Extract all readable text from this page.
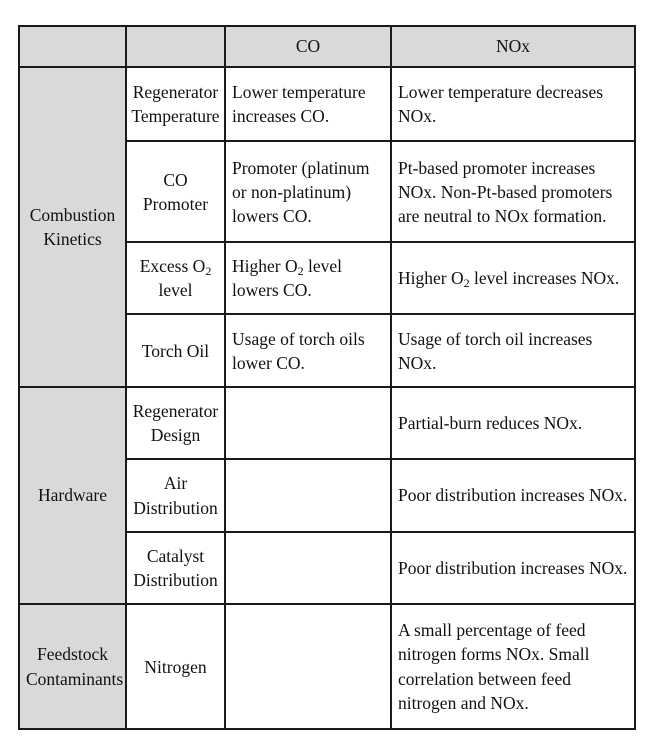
		CO	NOx
Combustion Kinetics	Regenerator Temperature	Lower temperature increases CO.	Lower temperature decreases NOx.
	CO Promoter	Promoter (platinum or non-platinum) lowers CO.	Pt-based promoter increases NOx. Non-Pt-based promoters are neutral to NOx formation.
	Excess $O_2$ level	Higher $O_2$ level lowers CO.	Higher $O_2$ level increases NOx.
	Torch Oil	Usage of torch oils lower CO.	Usage of torch oil increases NOx.
Hardware	Regenerator Design		Partial-burn reduces NOx.
	Air Distribution		Poor distribution increases NOx.
	Catalyst Distribution		Poor distribution increases NOx.
Feedstock Contaminants	Nitrogen		A small percentage of feed nitrogen forms NOx. Small correlation between feed nitrogen and NOx.
